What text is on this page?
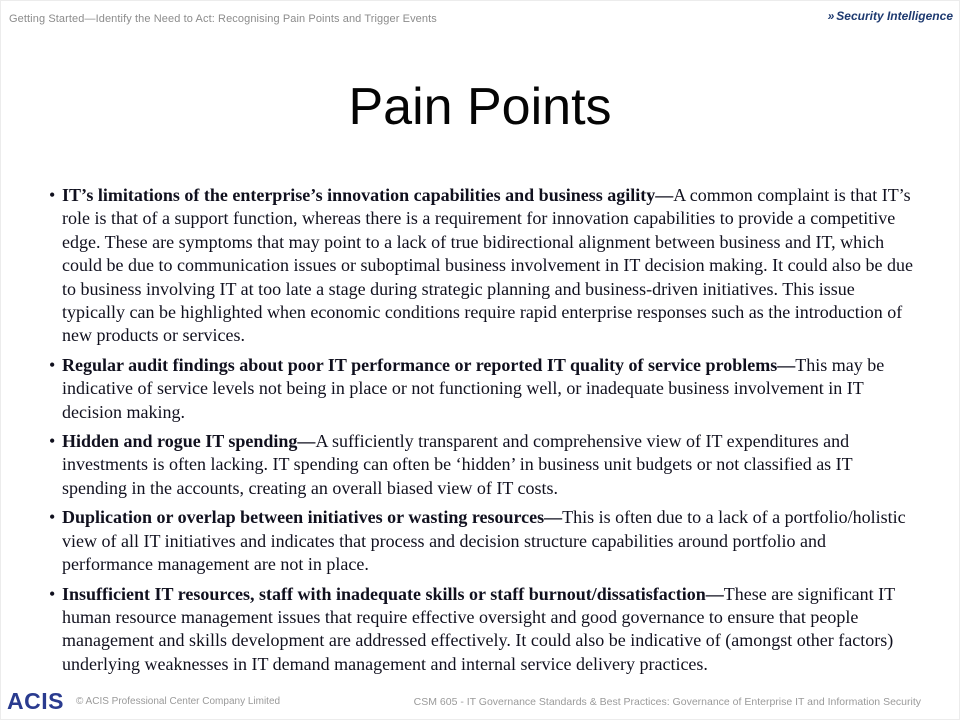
Getting Started—Identify the Need to Act: Recognising Pain Points and Trigger Events	» Security Intelligence
Pain Points
• IT’s limitations of the enterprise’s innovation capabilities and business agility—A common complaint is that IT’s role is that of a support function, whereas there is a requirement for innovation capabilities to provide a competitive edge. These are symptoms that may point to a lack of true bidirectional alignment between business and IT, which could be due to communication issues or suboptimal business involvement in IT decision making. It could also be due to business involving IT at too late a stage during strategic planning and business-driven initiatives. This issue typically can be highlighted when economic conditions require rapid enterprise responses such as the introduction of new products or services.
• Regular audit findings about poor IT performance or reported IT quality of service problems—This may be indicative of service levels not being in place or not functioning well, or inadequate business involvement in IT decision making.
• Hidden and rogue IT spending—A sufficiently transparent and comprehensive view of IT expenditures and investments is often lacking. IT spending can often be ‘hidden’ in business unit budgets or not classified as IT spending in the accounts, creating an overall biased view of IT costs.
• Duplication or overlap between initiatives or wasting resources—This is often due to a lack of a portfolio/holistic view of all IT initiatives and indicates that process and decision structure capabilities around portfolio and performance management are not in place.
• Insufficient IT resources, staff with inadequate skills or staff burnout/dissatisfaction—These are significant IT human resource management issues that require effective oversight and good governance to ensure that people management and skills development are addressed effectively. It could also be indicative of (amongst other factors) underlying weaknesses in IT demand management and internal service delivery practices.
ACIS © ACIS Professional Center Company Limited	CSM 605 - IT Governance Standards & Best Practices: Governance of Enterprise IT and Information Security
